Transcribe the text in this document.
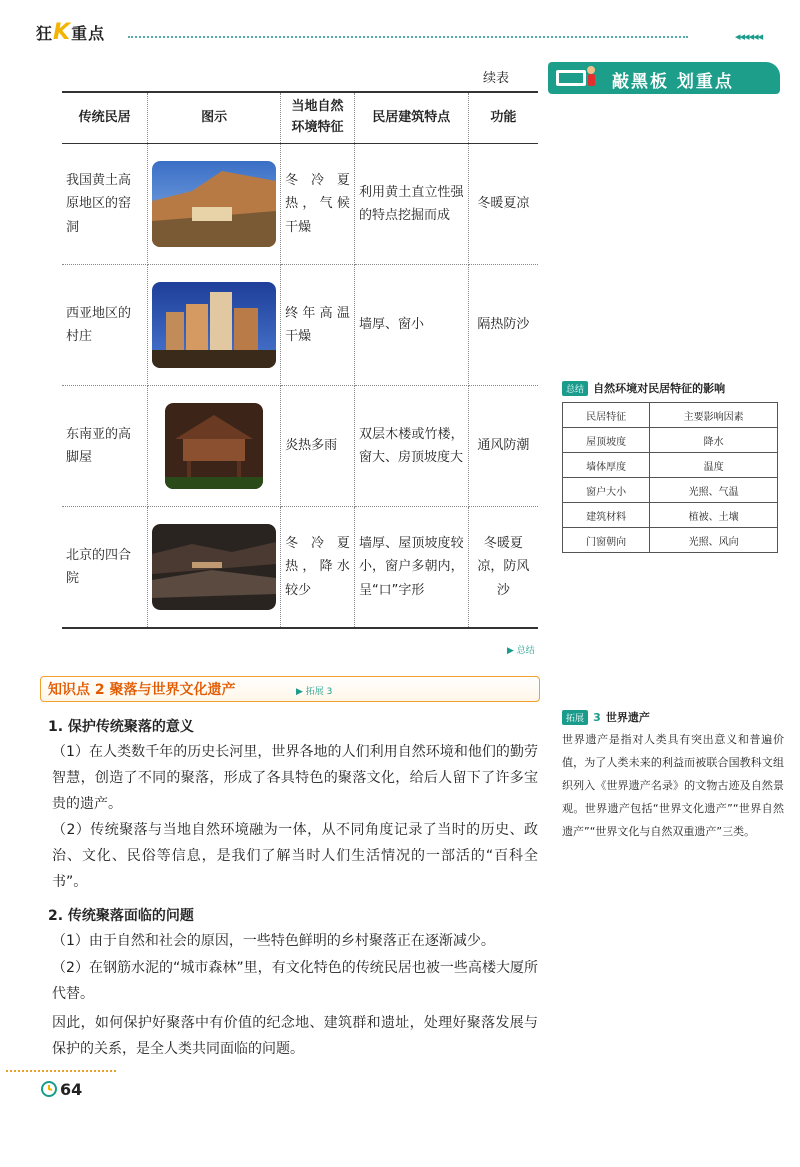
狂K重点	◂◂◂◂◂◂
续表	敲黑板 划重点
传统民居	图示	当地自然环境特征	民居建筑特点	功能
我国黄土高原地区的窑洞		冬冷夏热，气候干燥	利用黄土直立性强的特点挖掘而成	冬暖夏凉
西亚地区的村庄		终年高温干燥	墙厚、窗小	隔热防沙
东南亚的高脚屋		炎热多雨	双层木楼或竹楼，窗大、房顶坡度大	通风防潮
北京的四合院		冬冷夏热，降水较少	墙厚、屋顶坡度较小，窗户多朝内，呈“口”字形	冬暖夏凉，防风沙
▶ 总结
知识点 2 聚落与世界文化遗产	▶ 拓展 3
1. 保护传统聚落的意义
（1）在人类数千年的历史长河里，世界各地的人们利用自然环境和他们的勤劳智慧，创造了不同的聚落，形成了各具特色的聚落文化，给后人留下了许多宝贵的遗产。
（2）传统聚落与当地自然环境融为一体，从不同角度记录了当时的历史、政治、文化、民俗等信息，是我们了解当时人们生活情况的一部活的“百科全书”。
2. 传统聚落面临的问题
（1）由于自然和社会的原因，一些特色鲜明的乡村聚落正在逐渐减少。
（2）在钢筋水泥的“城市森林”里，有文化特色的传统民居也被一些高楼大厦所代替。
因此，如何保护好聚落中有价值的纪念地、建筑群和遗址，处理好聚落发展与保护的关系，是全人类共同面临的问题。
总结 自然环境对民居特征的影响
民居特征	主要影响因素
屋顶坡度	降水
墙体厚度	温度
窗户大小	光照、气温
建筑材料	植被、土壤
门窗朝向	光照、风向
拓展 3 世界遗产
世界遗产是指对人类具有突出意义和普遍价值，为了人类未来的利益而被联合国教科文组织列入《世界遗产名录》的文物古迹及自然景观。世界遗产包括“世界文化遗产”“世界自然遗产”“世界文化与自然双重遗产”三类。
64
